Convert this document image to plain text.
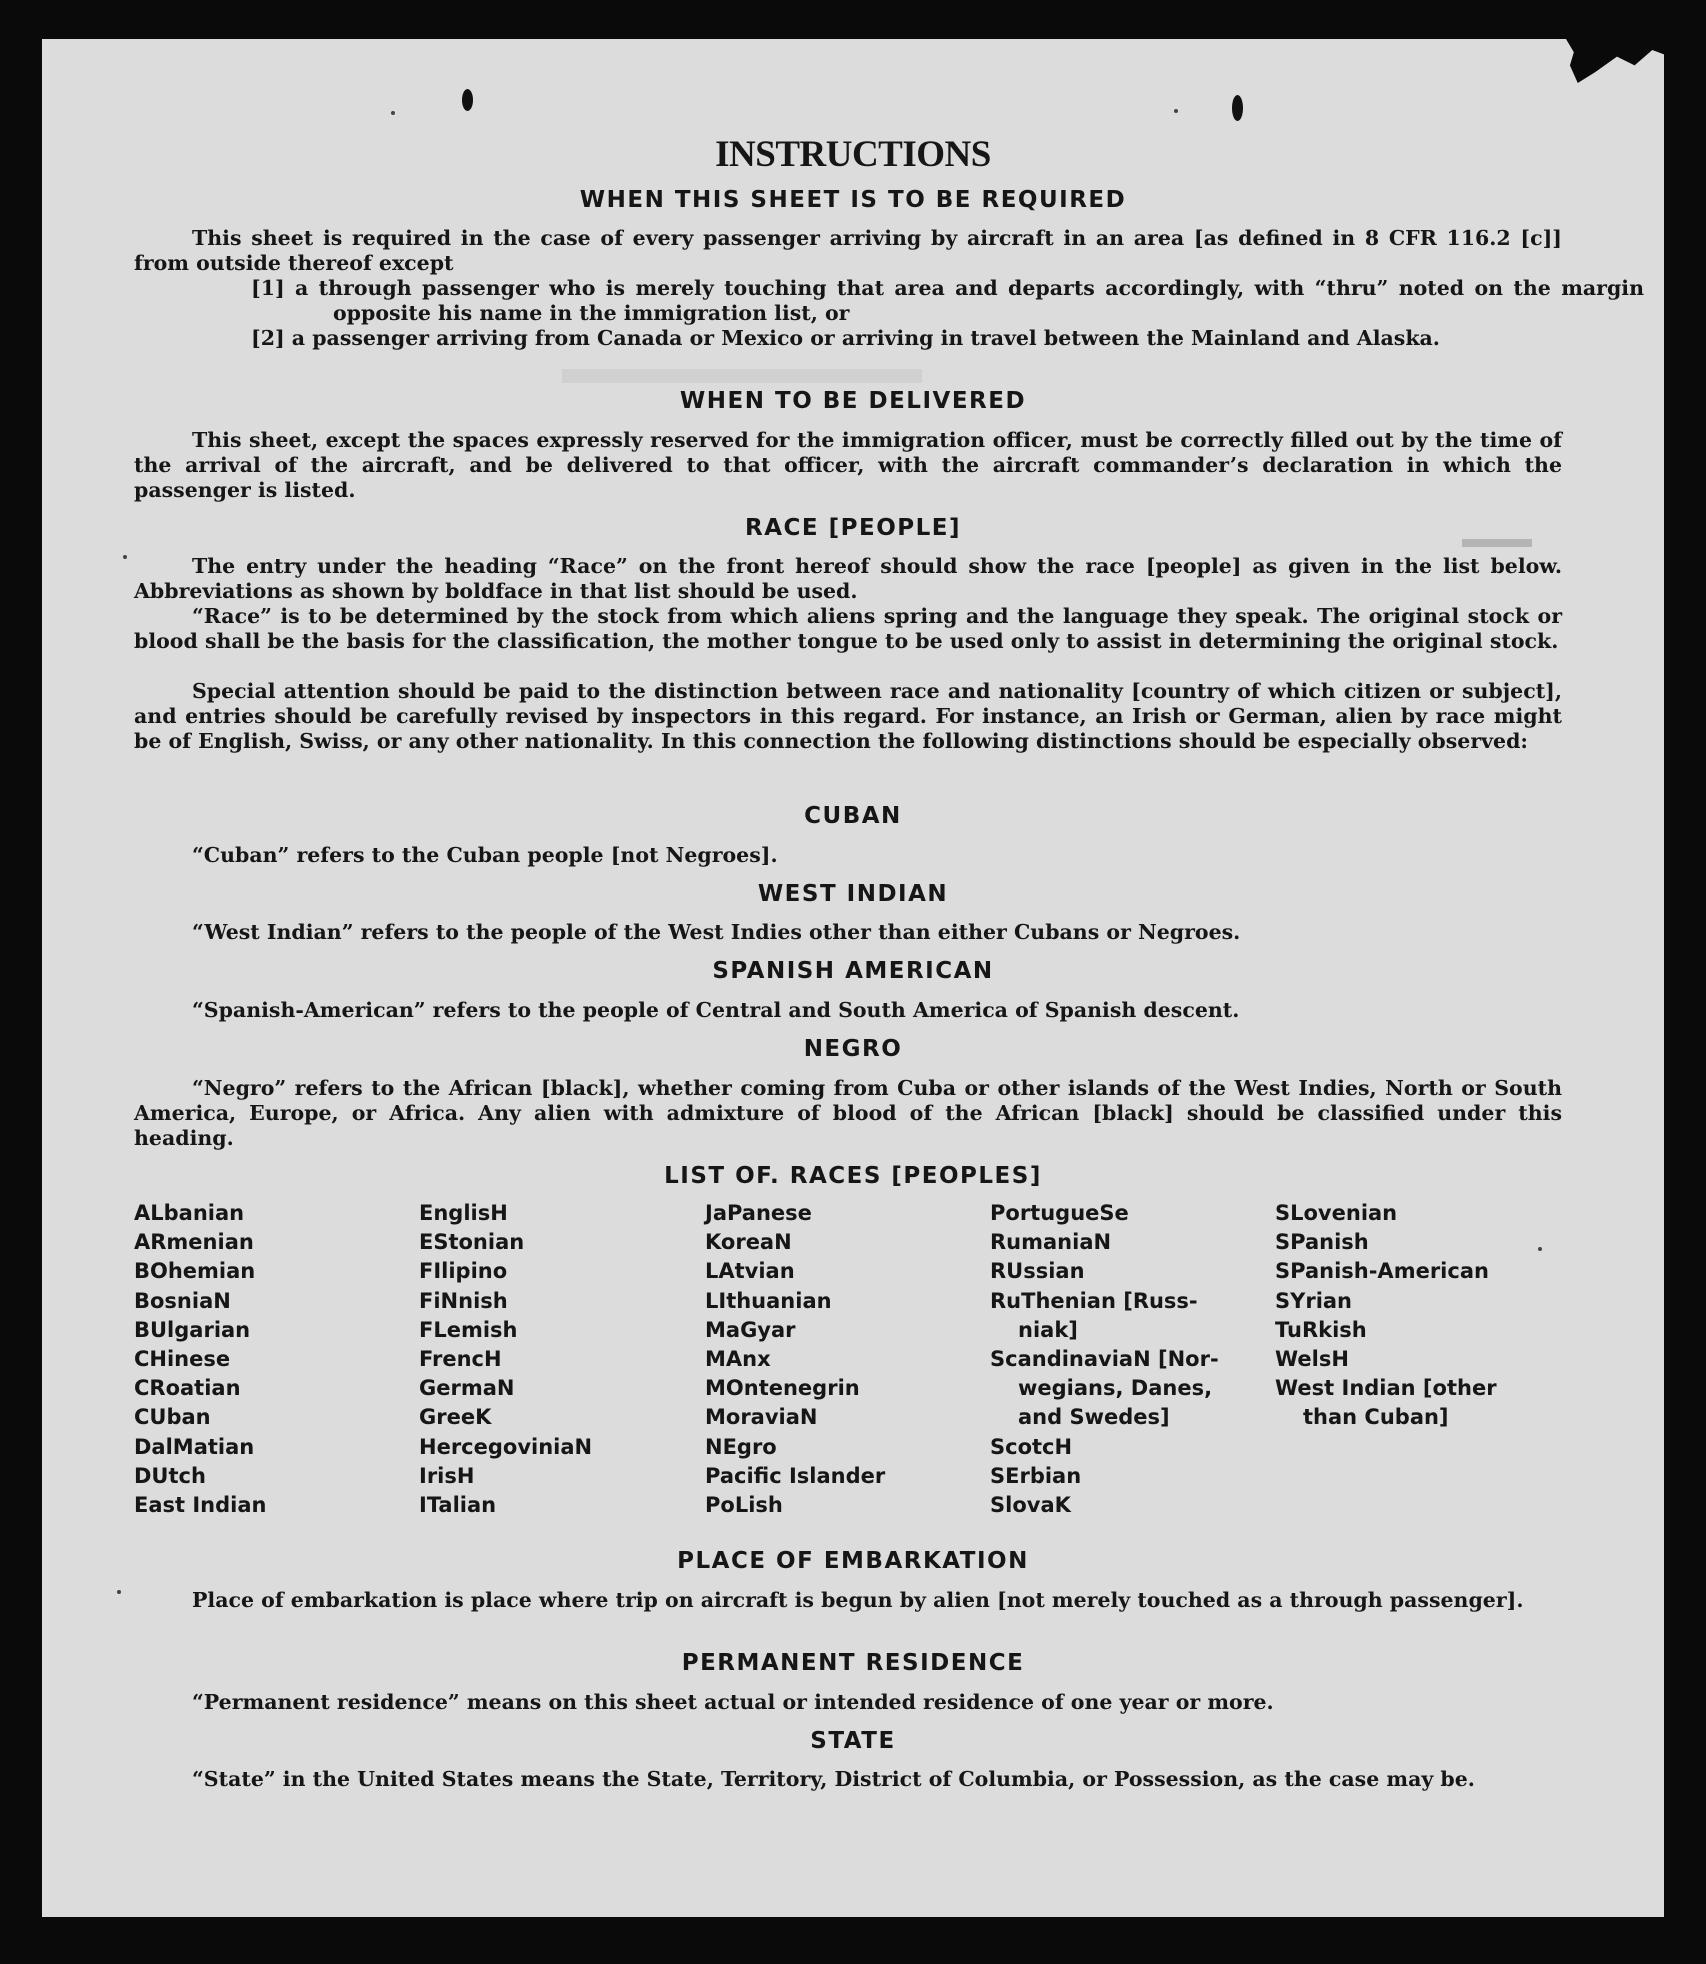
INSTRUCTIONS
WHEN THIS SHEET IS TO BE REQUIRED
This sheet is required in the case of every passenger arriving by aircraft in an area [as defined in 8 CFR 116.2 [c]] from outside thereof except
[1] a through passenger who is merely touching that area and departs accordingly, with “thru” noted on the margin opposite his name in the immigration list, or
[2] a passenger arriving from Canada or Mexico or arriving in travel between the Mainland and Alaska.
WHEN TO BE DELIVERED
This sheet, except the spaces expressly reserved for the immigration officer, must be correctly filled out by the time of the arrival of the aircraft, and be delivered to that officer, with the aircraft commander’s declaration in which the passenger is listed.
RACE [PEOPLE]
The entry under the heading “Race” on the front hereof should show the race [people] as given in the list below. Abbreviations as shown by boldface in that list should be used.
“Race” is to be determined by the stock from which aliens spring and the language they speak. The original stock or blood shall be the basis for the classification, the mother tongue to be used only to assist in determining the original stock.
Special attention should be paid to the distinction between race and nationality [country of which citizen or subject], and entries should be carefully revised by inspectors in this regard. For instance, an Irish or German, alien by race might be of English, Swiss, or any other nationality. In this connection the following distinctions should be especially observed:
CUBAN
“Cuban” refers to the Cuban people [not Negroes].
WEST INDIAN
“West Indian” refers to the people of the West Indies other than either Cubans or Negroes.
SPANISH AMERICAN
“Spanish-American” refers to the people of Central and South America of Spanish descent.
NEGRO
“Negro” refers to the African [black], whether coming from Cuba or other islands of the West Indies, North or South America, Europe, or Africa. Any alien with admixture of blood of the African [black] should be classified under this heading.
LIST OF. RACES [PEOPLES]
ALbanian
ARmenian
BOhemian
BosniaN
BUlgarian
CHinese
CRoatian
CUban
DalMatian
DUtch
East Indian
EnglisH
EStonian
FIlipino
FiNnish
FLemish
FrencH
GermaN
GreeK
HercegoviniaN
IrisH
ITalian
JaPanese
KoreaN
LAtvian
LIthuanian
MaGyar
MAnx
MOntenegrin
MoraviaN
NEgro
Pacific Islander
PoLish
PortugueSe
RumaniaN
RUssian
RuThenian [Russ-
niak]
ScandinaviaN [Nor-
wegians, Danes,
and Swedes]
ScotcH
SErbian
SlovaK
SLovenian
SPanish
SPanish-American
SYrian
TuRkish
WelsH
West Indian [other
than Cuban]
PLACE OF EMBARKATION
Place of embarkation is place where trip on aircraft is begun by alien [not merely touched as a through passenger].
PERMANENT RESIDENCE
“Permanent residence” means on this sheet actual or intended residence of one year or more.
STATE
“State” in the United States means the State, Territory, District of Columbia, or Possession, as the case may be.
